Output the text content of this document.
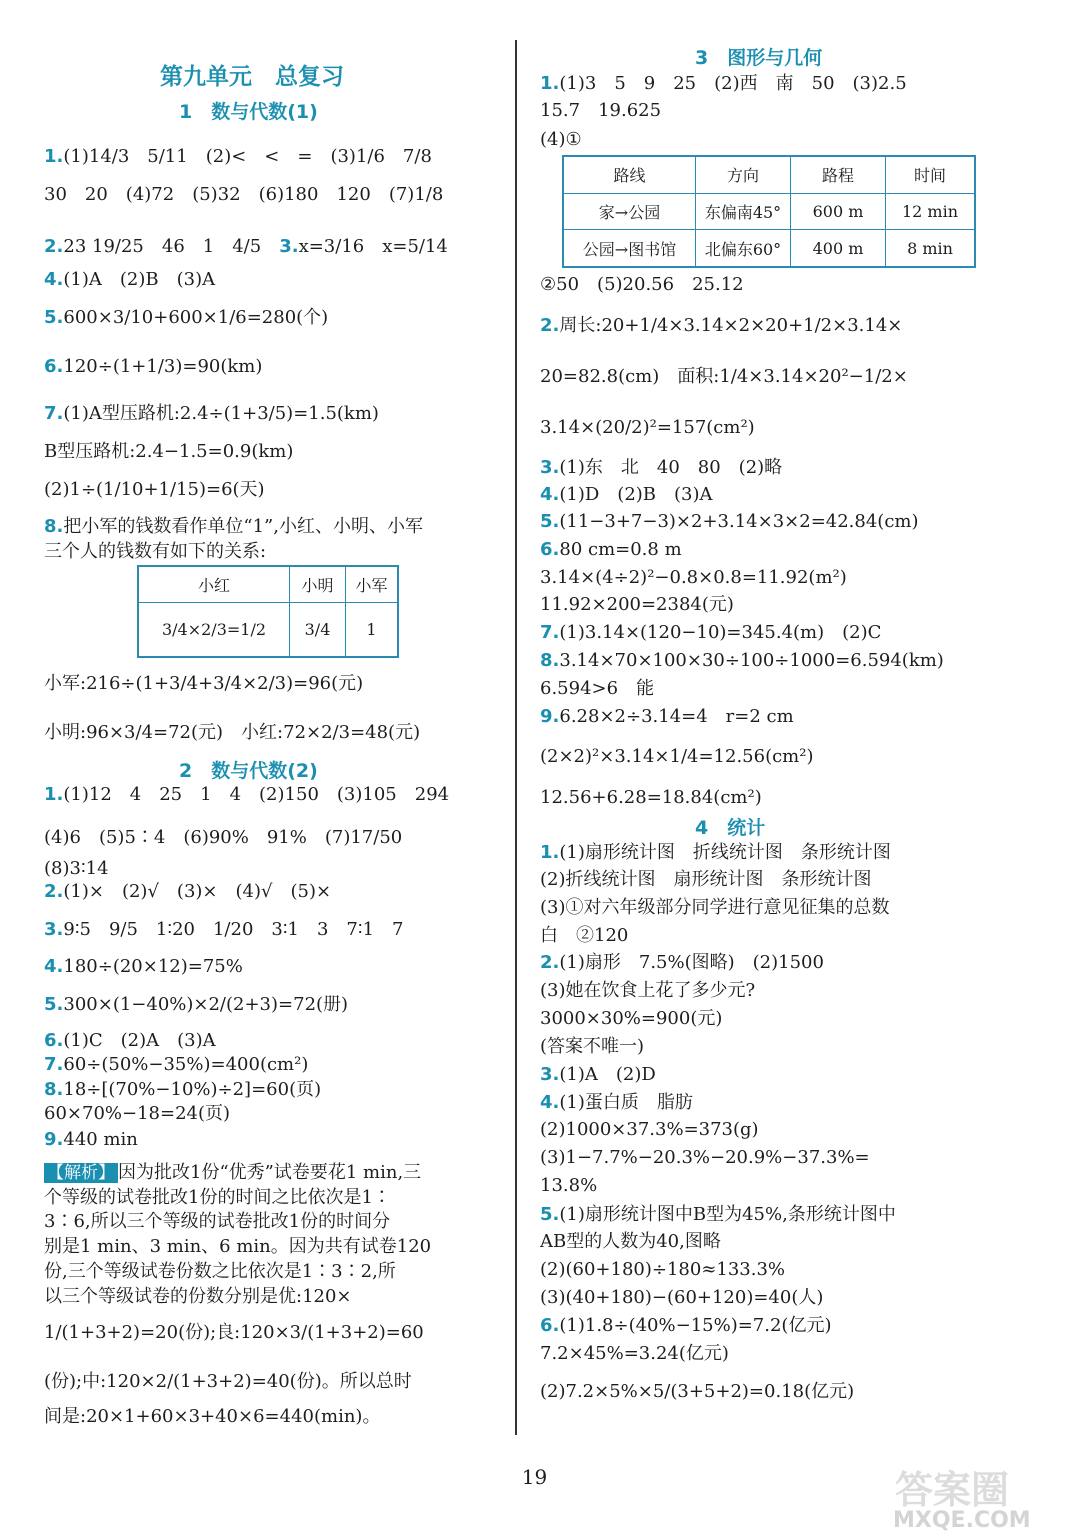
第九单元　总复习
1　数与代数(1)
1.(1)14/3　5/11　(2)<　<　=　(3)1/6　7/8
30　20　(4)72　(5)32　(6)180　120　(7)1/8
2.23 19/25　46　1　4/5　3.x=3/16　x=5/14
4.(1)A　(2)B　(3)A
5.600×3/10+600×1/6=280(个)
6.120÷(1+1/3)=90(km)
7.(1)A型压路机:2.4÷(1+3/5)=1.5(km)
B型压路机:2.4−1.5=0.9(km)
(2)1÷(1/10+1/15)=6(天)
8.把小军的钱数看作单位“1”,小红、小明、小军
三个人的钱数有如下的关系:
小军:216÷(1+3/4+3/4×2/3)=96(元)
小明:96×3/4=72(元)　小红:72×2/3=48(元)
2　数与代数(2)
1.(1)12　4　25　1　4　(2)150　(3)105　294
(4)6　(5)5∶4　(6)90%　91%　(7)17/50
(8)3∶14
2.(1)×　(2)√　(3)×　(4)√　(5)×
3.9∶5　9/5　1∶20　1/20　3∶1　3　7∶1　7
4.180÷(20×12)=75%
5.300×(1−40%)×2/(2+3)=72(册)
6.(1)C　(2)A　(3)A
7.60÷(50%−35%)=400(cm²)
8.18÷[(70%−10%)÷2]=60(页)
60×70%−18=24(页)
9.440 min
【解析】 因为批改1份“优秀”试卷要花1 min,三
个等级的试卷批改1份的时间之比依次是1∶
3∶6,所以三个等级的试卷批改1份的时间分
别是1 min、3 min、6 min。因为共有试卷120
份,三个等级试卷份数之比依次是1∶3∶2,所
以三个等级试卷的份数分别是优:120×
1/(1+3+2)=20(份);良:120×3/(1+3+2)=60
(份);中:120×2/(1+3+2)=40(份)。所以总时
间是:20×1+60×3+40×6=440(min)。
3　图形与几何
1.(1)3　5　9　25　(2)西　南　50　(3)2.5
15.7　19.625
(4)①
②50　(5)20.56　25.12
2.周长:20+1/4×3.14×2×20+1/2×3.14×
20=82.8(cm)　面积:1/4×3.14×20²−1/2×
3.14×(20/2)²=157(cm²)
3.(1)东　北　40　80　(2)略
4.(1)D　(2)B　(3)A
5.(11−3+7−3)×2+3.14×3×2=42.84(cm)
6.80 cm=0.8 m
3.14×(4÷2)²−0.8×0.8=11.92(m²)
11.92×200=2384(元)
7.(1)3.14×(120−10)=345.4(m)　(2)C
8.3.14×70×100×30÷100÷1000=6.594(km)
6.594>6　能
9.6.28×2÷3.14=4　r=2 cm
(2×2)²×3.14×1/4=12.56(cm²)
12.56+6.28=18.84(cm²)
4　统计
1.(1)扇形统计图　折线统计图　条形统计图
(2)折线统计图　扇形统计图　条形统计图
(3)①对六年级部分同学进行意见征集的总数
白　②120
2.(1)扇形　7.5%(图略)　(2)1500
(3)她在饮食上花了多少元?
3000×30%=900(元)
(答案不唯一)
3.(1)A　(2)D
4.(1)蛋白质　脂肪
(2)1000×37.3%=373(g)
(3)1−7.7%−20.3%−20.9%−37.3%=
13.8%
5.(1)扇形统计图中B型为45%,条形统计图中
AB型的人数为40,图略
(2)(60+180)÷180≈133.3%
(3)(40+180)−(60+120)=40(人)
6.(1)1.8÷(40%−15%)=7.2(亿元)
7.2×45%=3.24(亿元)
(2)7.2×5%×5/(3+5+2)=0.18(亿元)
小红	小明	小军
3/4×2/3=1/2	3/4	1
路线	方向	路程	时间
家→公园	东偏南45°	600 m	12 min
公园→图书馆	北偏东60°	400 m	8 min
19	答案圈
MXQE.COM
